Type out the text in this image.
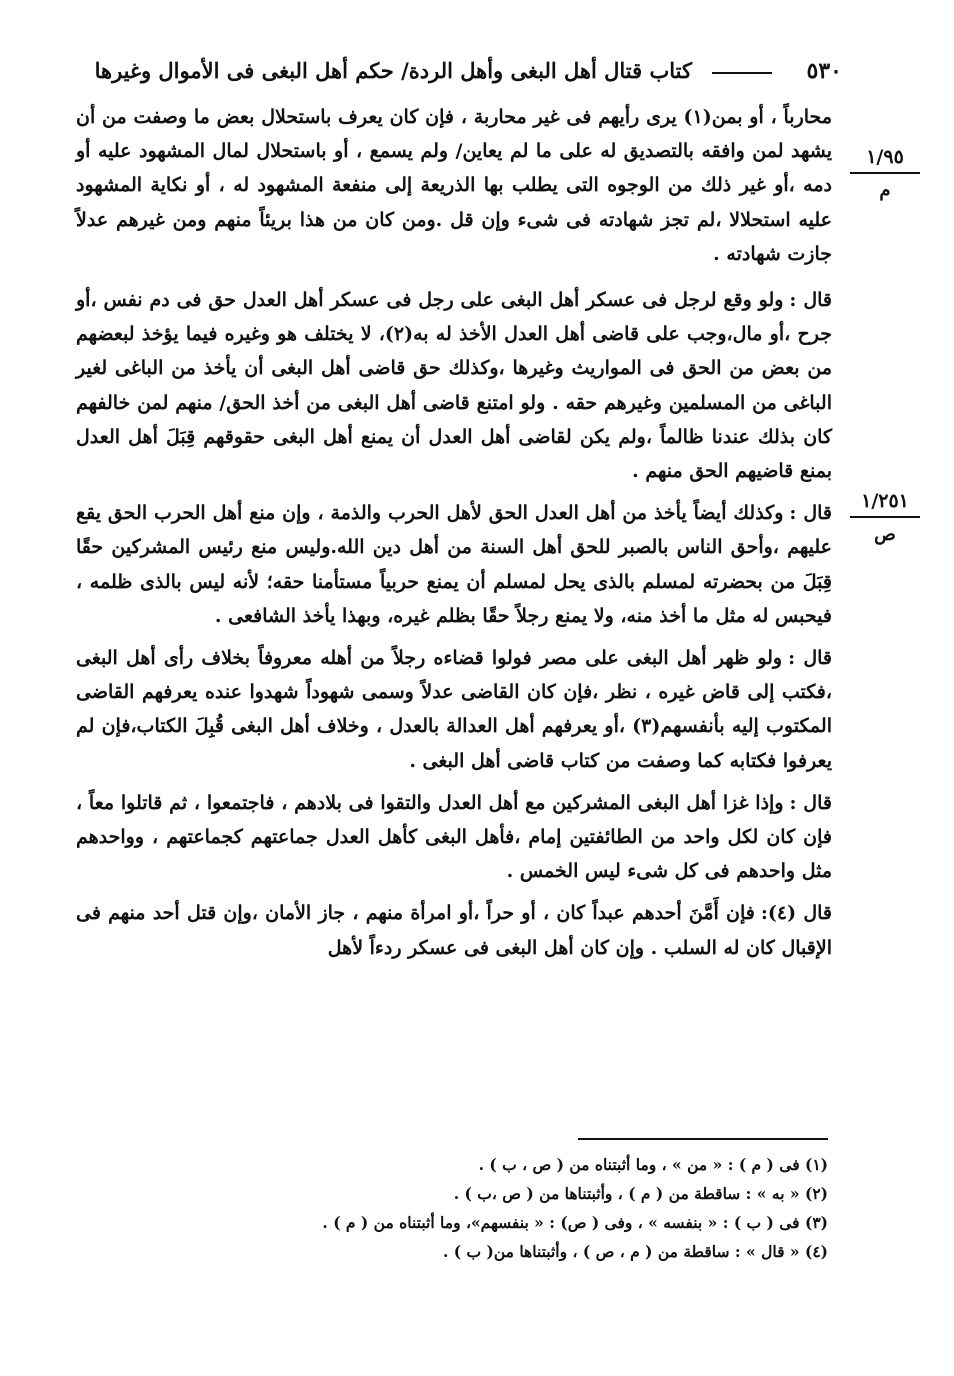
٥٣٠
كتاب قتال أهل البغى وأهل الردة/ حكم أهل البغى فى الأموال وغيرها
١/٩٥
م
١/٢٥١
ص

محارباً ، أو بمن(١) يرى رأيهم فى غير محاربة ، فإن كان يعرف باستحلال بعض ما وصفت من أن يشهد لمن وافقه بالتصديق له على ما لم يعاين/ ولم يسمع ، أو باستحلال لمال المشهود عليه أو دمه ،أو غير ذلك من الوجوه التى يطلب بها الذريعة إلى منفعة المشهود له ، أو نكاية المشهود عليه استحلالا ،لم تجز شهادته فى شىء وإن قل .ومن كان من هذا بريئاً منهم ومن غيرهم عدلاً جازت شهادته .

قال :ولو وقع لرجل فى عسكر أهل البغى على رجل فى عسكر أهل العدل حق فى دم نفس ،أو جرح ،أو مال،وجب على قاضى أهل العدل الأخذ له به(٢)، لا يختلف هو وغيره فيما يؤخذ لبعضهم من بعض من الحق فى المواريث وغيرها ،وكذلك حق قاضى أهل البغى أن يأخذ من الباغى لغير الباغى من المسلمين وغيرهم حقه . ولو امتنع قاضى أهل البغى من أخذ الحق/ منهم لمن خالفهم كان بذلك عندنا ظالماً ،ولم يكن لقاضى أهل العدل أن يمنع أهل البغى حقوقهم قِبَلَ أهل العدل بمنع قاضيهم الحق منهم .

قال :وكذلك أيضاً يأخذ من أهل العدل الحق لأهل الحرب والذمة ، وإن منع أهل الحرب الحق يقع عليهم ،وأحق الناس بالصبر للحق أهل السنة من أهل دين الله.وليس منع رئيس المشركين حقًا قِبَلَ من بحضرته لمسلم بالذى يحل لمسلم أن يمنع حربياً مستأمنا حقه؛ لأنه ليس بالذى ظلمه ، فيحبس له مثل ما أخذ منه، ولا يمنع رجلاً حقًا بظلم غيره، وبهذا يأخذ الشافعى .

قال :ولو ظهر أهل البغى على مصر فولوا قضاءه رجلاً من أهله معروفاً بخلاف رأى أهل البغى ،فكتب إلى قاض غيره ، نظر ،فإن كان القاضى عدلاً وسمى شهوداً شهدوا عنده يعرفهم القاضى المكتوب إليه بأنفسهم(٣) ،أو يعرفهم أهل العدالة بالعدل ، وخلاف أهل البغى قُبِلَ الكتاب،فإن لم يعرفوا فكتابه كما وصفت من كتاب قاضى أهل البغى .

قال :وإذا غزا أهل البغى المشركين مع أهل العدل والتقوا فى بلادهم ، فاجتمعوا ، ثم قاتلوا معاً ، فإن كان لكل واحد من الطائفتين إمام ،فأهل البغى كأهل العدل جماعتهم كجماعتهم ، وواحدهم مثل واحدهم فى كل شىء ليس الخمس .

قال (٤):فإن أَمَّنَ أحدهم عبداً كان ، أو حراً ،أو امرأة منهم ، جاز الأمان ،وإن قتل أحد منهم فى الإقبال كان له السلب . وإن كان أهل البغى فى عسكر ردءاً لأهل

(١) فى ( م ) : « من » ، وما أثبتناه من ( ص ، ب ) .
(٢) « به » : ساقطة من ( م ) ، وأثبتناها من ( ص ،ب ) .
(٣) فى ( ب ) : « بنفسه » ، وفى ( ص) : « بنفسهم»، وما أثبتناه من ( م ) .
(٤) « قال » : ساقطة من ( م ، ص ) ، وأثبتناها من( ب ) .
